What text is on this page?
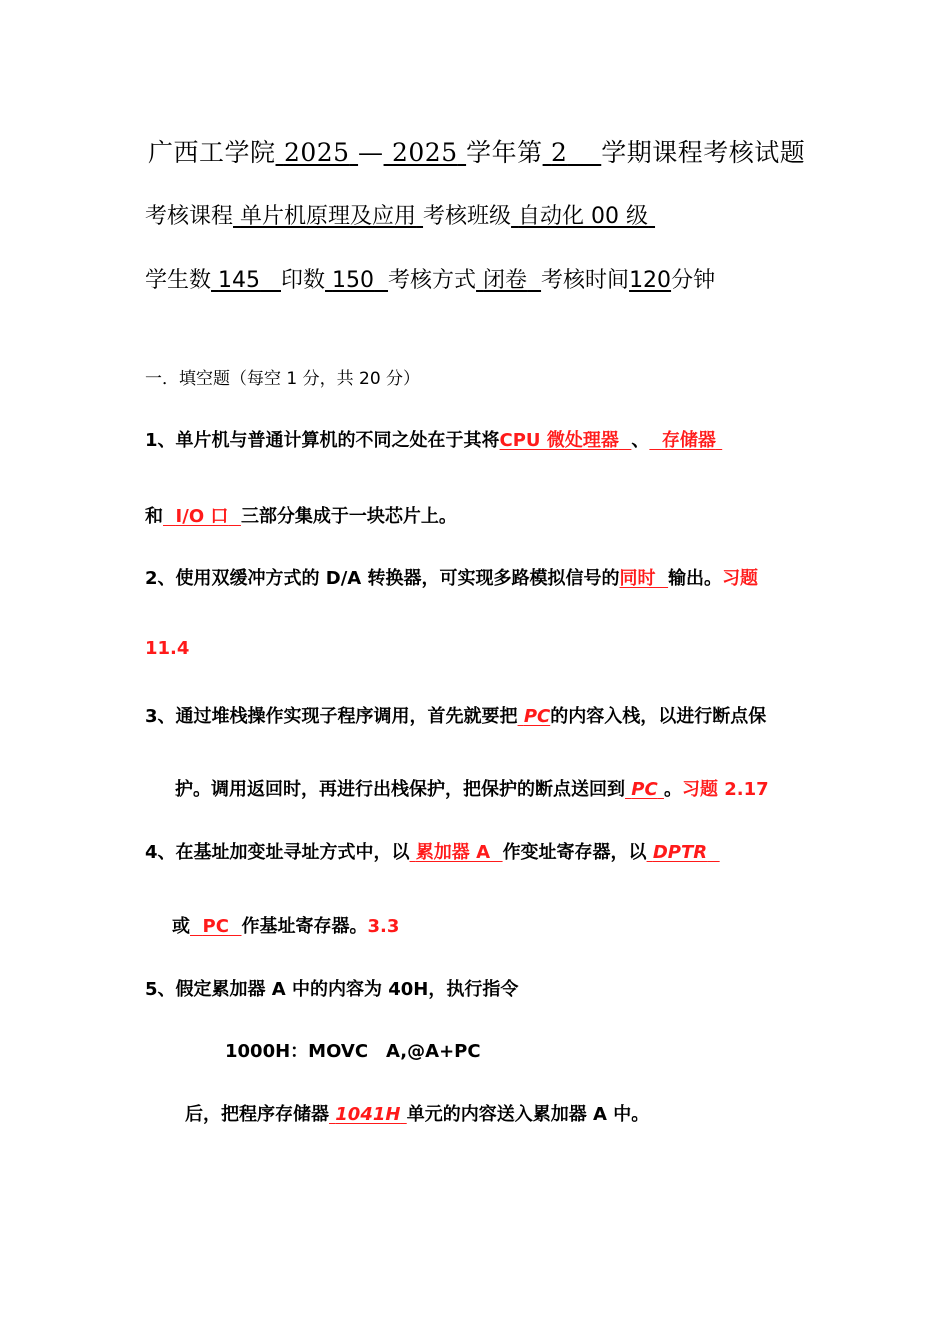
广西工学院 2025 — 2025 学年第 2 学期课程考核试题
考核课程 单片机原理及应用 考核班级 自动化 00 级
学生数 145 印数 150 考核方式 闭卷 考核时间120分钟
一．填空题（每空 1 分，共 20 分）
1、单片机与普通计算机的不同之处在于其将CPU 微处理器 、 存储器
和 I/O 口 三部分集成于一块芯片上。
2、使用双缓冲方式的 D/A 转换器，可实现多路模拟信号的同时 输出。习题
11.4
3、通过堆栈操作实现子程序调用，首先就要把 PC的内容入栈，以进行断点保
护。调用返回时，再进行出栈保护，把保护的断点送回到 PC 。习题 2.17
4、在基址加变址寻址方式中，以 累加器 A 作变址寄存器，以 DPTR
或 PC 作基址寄存器。3.3
5、假定累加器 A 中的内容为 40H，执行指令
1000H：MOVC　A,@A+PC
后，把程序存储器 1041H 单元的内容送入累加器 A 中。
